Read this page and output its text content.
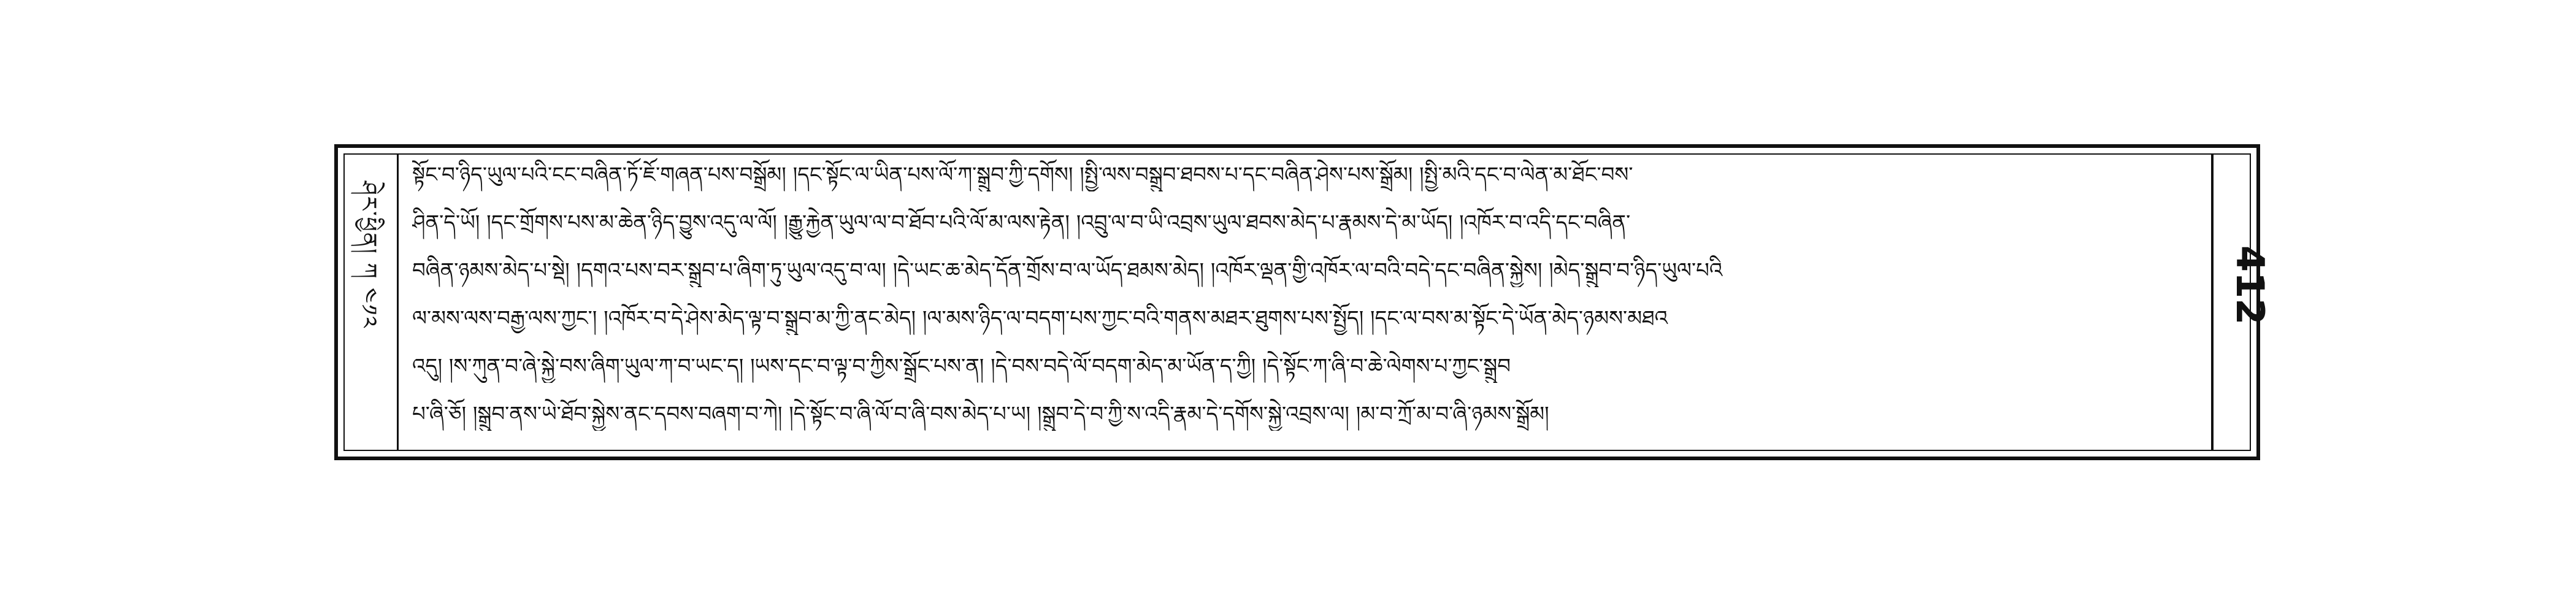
ཤེར་ཕྱིན། ཀ ༤༡༢
སྟོང་བ་ཉིད་ཡུལ་པའི་ངང་བཞིན་ཏོ་ཇོ་གཞན་པས་བསྒྲོམ། །དང་སྟོང་ལ་ཡིན་པས་ལོ་ཀ་སྒྲུབ་ཀྱི་དགོས། །སྤྱི་ལས་བསྒྲུབ་ཐབས་པ་དང་བཞིན་ཤེས་པས་སྒྲོམ། །སྤྱི་མའི་དང་བ་ལེན་མ་ཐོང་བས་
ཤིན་དེ་ཡོ། །དང་གྲོགས་པས་མ་ཆེན་ཉིད་བྱུས་འདུ་ལ་ལོ། །རྒྱུ་རྐྱེན་ཡུལ་ལ་བ་ཐོབ་པའི་ལོ་མ་ལས་རྟེན། །འབྲུ་ལ་བ་ཡི་འབྲས་ཡུལ་ཐབས་མེད་པ་རྣམས་དེ་མ་ཡོད། །འཁོར་བ་འདི་དང་བཞིན་
བཞིན་ཉམས་མེད་པ་སྡེ། །དགའ་པས་བར་སྒྲུབ་པ་ཞིག་ཏུ་ཡུལ་འདུ་བ་ལ། །དེ་ཡང་ཆ་མེད་དོན་གྲོས་བ་ལ་ཡོད་ཐམས་མེད། །འཁོར་ལྡན་གྱི་འཁོར་ལ་བའི་བདེ་དང་བཞིན་སྐྱེས། །མེད་སྒྲུབ་བ་ཉིད་ཡུལ་པའི
ལ་མས་ལས་བརྒྱ་ལས་ཀྱང་། །འཁོར་བ་དེ་ཤེས་མེད་ལྟ་བ་སྒྲུབ་མ་ཀྱི་ནང་མེད། །ལ་མས་ཉིད་ལ་བདག་པས་ཀྱང་བའི་གནས་མཐར་ཐུགས་པས་སྤྱོད། །དང་ལ་བས་མ་སྟོང་དེ་ཡོན་མེད་ཉམས་མཐའ
འདུ། །ས་ཀུན་བ་ཞེ་སྐྱེ་བས་ཞིག་ཡུལ་ཀ་བ་ཡང་ད། །ཡས་དང་བ་ལྟ་བ་ཀྱིས་སྒྲོང་པས་ན། །དེ་བས་བདེ་ལོ་བདག་མེད་མ་ཡོན་ད་ཀྱི། །དེ་སྟོང་ཀ་ཞི་བ་ཆེ་ལེགས་པ་ཀྱང་སྒྲུབ
པ་ཞི་ཅོ། །སྒྲུབ་ནས་ཡེ་ཐོབ་སྐྱེས་ནང་དབས་བཞག་བ་ཀེ། །དེ་སྟོང་བ་ཞི་ལོ་བ་ཞི་བས་མེད་པ་ཡ། །སྒྲུབ་དེ་བ་ཀྱི་ས་འདི་རྣམ་དེ་དགོས་སྐྱེ་འབྲས་ལ། །མ་བ་ཀྲོ་མ་བ་ཞི་ཉམས་སྒྲོམ།
412
